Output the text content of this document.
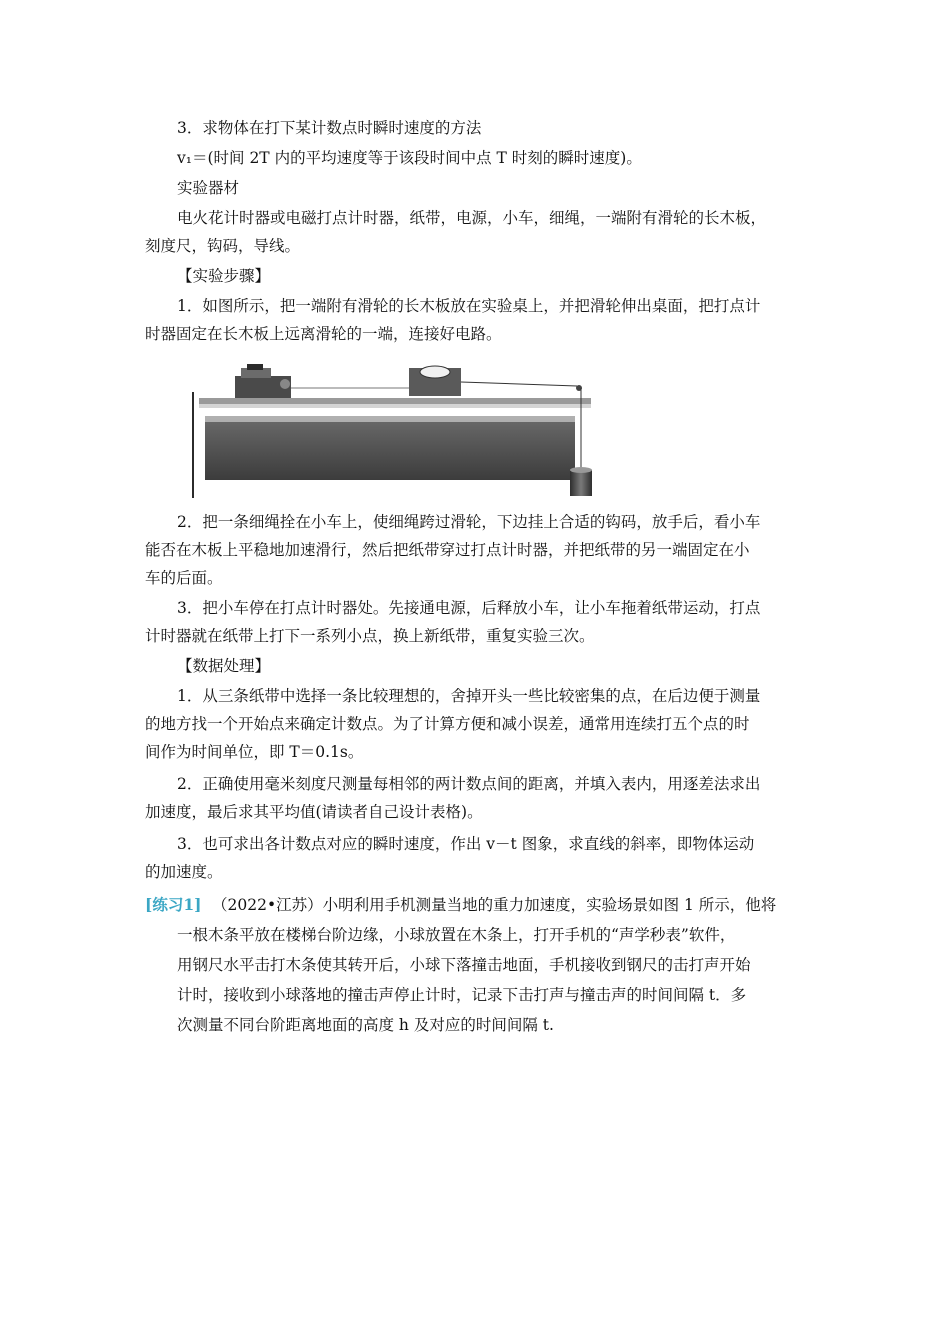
3．求物体在打下某计数点时瞬时速度的方法
v₁＝(时间 2T 内的平均速度等于该段时间中点 T 时刻的瞬时速度)。
实验器材
电火花计时器或电磁打点计时器，纸带，电源，小车，细绳，一端附有滑轮的长木板，
刻度尺，钩码，导线。
【实验步骤】
1．如图所示，把一端附有滑轮的长木板放在实验桌上，并把滑轮伸出桌面，把打点计
时器固定在长木板上远离滑轮的一端，连接好电路。
2．把一条细绳拴在小车上，使细绳跨过滑轮，下边挂上合适的钩码，放手后，看小车
能否在木板上平稳地加速滑行，然后把纸带穿过打点计时器，并把纸带的另一端固定在小
车的后面。
3．把小车停在打点计时器处。先接通电源，后释放小车，让小车拖着纸带运动，打点
计时器就在纸带上打下一系列小点，换上新纸带，重复实验三次。
【数据处理】
1．从三条纸带中选择一条比较理想的，舍掉开头一些比较密集的点，在后边便于测量
的地方找一个开始点来确定计数点。为了计算方便和减小误差，通常用连续打五个点的时
间作为时间单位，即 T＝0.1s。
2．正确使用毫米刻度尺测量每相邻的两计数点间的距离，并填入表内，用逐差法求出
加速度，最后求其平均值(请读者自己设计表格)。
3．也可求出各计数点对应的瞬时速度，作出 v－t 图象，求直线的斜率，即物体运动
的加速度。
[练习1] （2022•江苏）小明利用手机测量当地的重力加速度，实验场景如图 1 所示，他将
一根木条平放在楼梯台阶边缘，小球放置在木条上，打开手机的“声学秒表”软件，
用钢尺水平击打木条使其转开后，小球下落撞击地面，手机接收到钢尺的击打声开始
计时，接收到小球落地的撞击声停止计时，记录下击打声与撞击声的时间间隔 t．多
次测量不同台阶距离地面的高度 h 及对应的时间间隔 t.
